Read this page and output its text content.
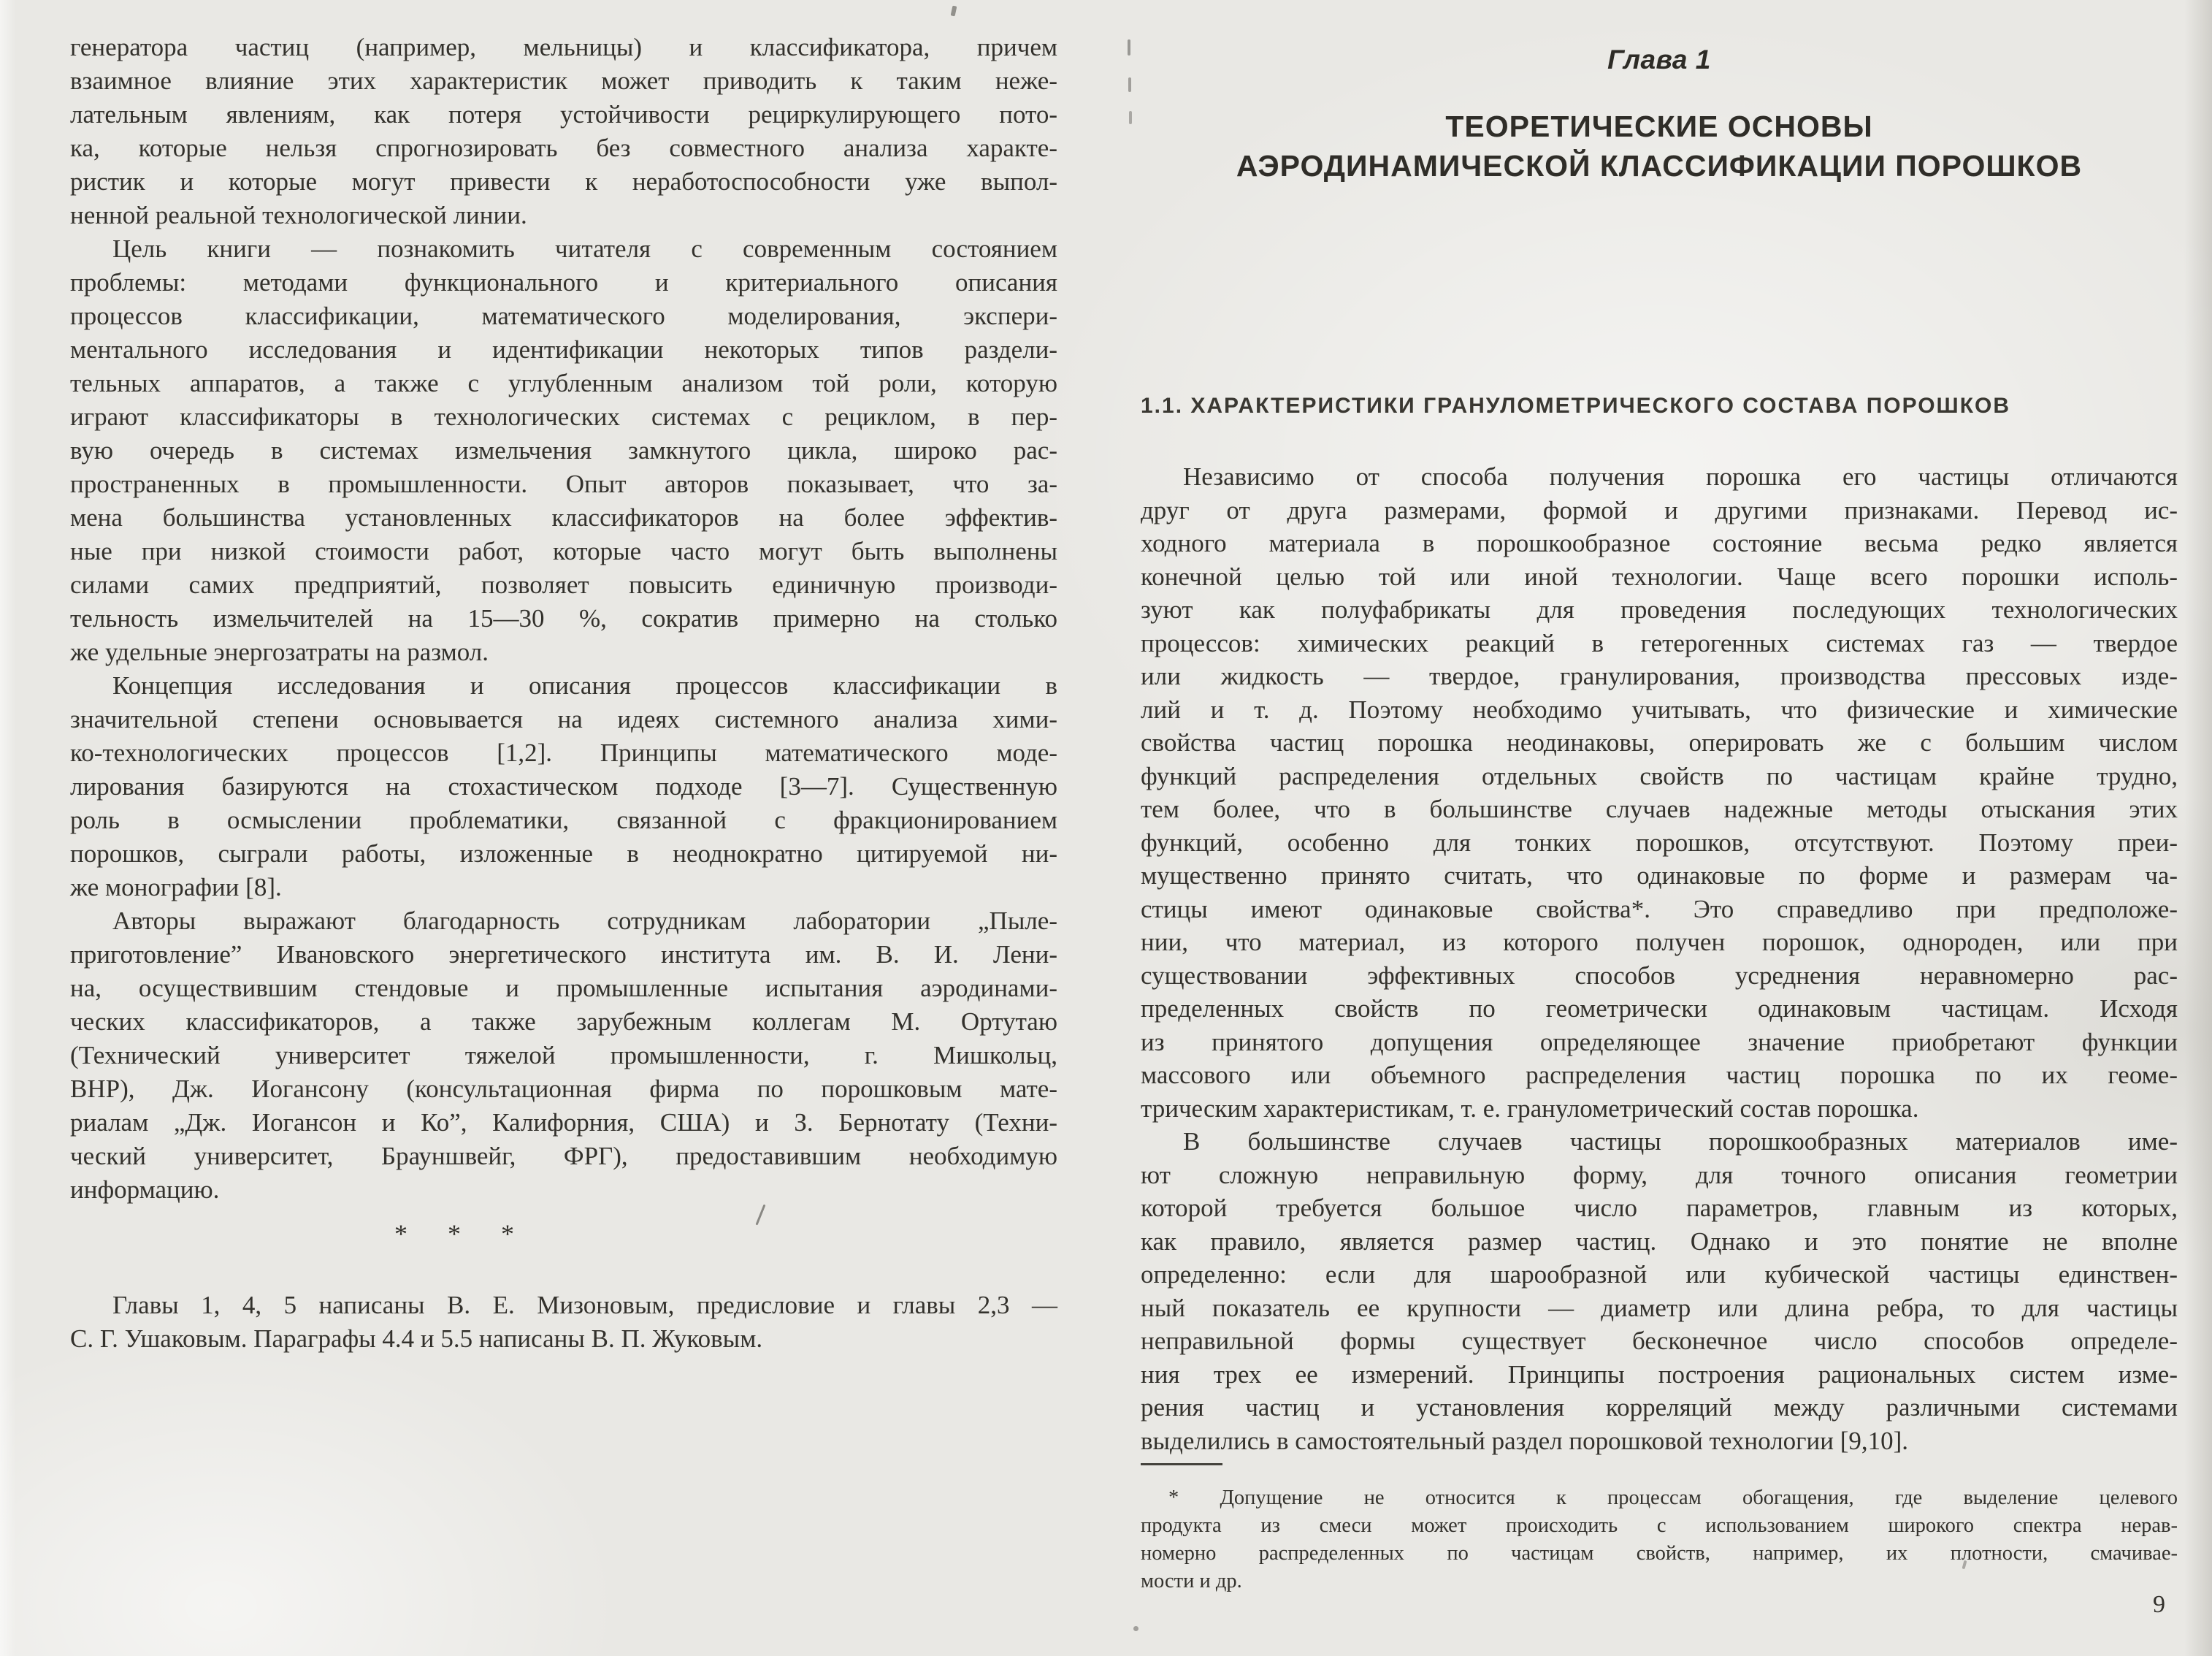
генератора частиц (например, мельницы) и классификатора, причем
взаимное влияние этих характеристик может приводить к таким неже-
лательным явлениям, как потеря устойчивости рециркулирующего пото-
ка, которые нельзя спрогнозировать без совместного анализа характе-
ристик и которые могут привести к неработоспособности уже выпол-
ненной реальной технологической линии.
Цель книги — познакомить читателя с современным состоянием
проблемы: методами функционального и критериального описания
процессов классификации, математического моделирования, экспери-
ментального исследования и идентификации некоторых типов раздели-
тельных аппаратов, а также с углубленным анализом той роли, которую
играют классификаторы в технологических системах с рециклом, в пер-
вую очередь в системах измельчения замкнутого цикла, широко рас-
пространенных в промышленности. Опыт авторов показывает, что за-
мена большинства установленных классификаторов на более эффектив-
ные при низкой стоимости работ, которые часто могут быть выполнены
силами самих предприятий, позволяет повысить единичную производи-
тельность измельчителей на 15—30 %, сократив примерно на столько
же удельные энергозатраты на размол.
Концепция исследования и описания процессов классификации в
значительной степени основывается на идеях системного анализа хими-
ко-технологических процессов [1,2]. Принципы математического моде-
лирования базируются на стохастическом подходе [3—7]. Существенную
роль в осмыслении проблематики, связанной с фракционированием
порошков, сыграли работы, изложенные в неоднократно цитируемой ни-
же монографии [8].
Авторы выражают благодарность сотрудникам лаборатории „Пыле-
приготовление” Ивановского энергетического института им. В. И. Лени-
на, осуществившим стендовые и промышленные испытания аэродинами-
ческих классификаторов, а также зарубежным коллегам М. Ортутаю
(Технический университет тяжелой промышленности, г. Мишкольц,
ВНР), Дж. Иогансону (консультационная фирма по порошковым мате-
риалам „Дж. Иогансон и Ко”, Калифорния, США) и З. Бернотату (Техни-
ческий университет, Брауншвейг, ФРГ), предоставившим необходимую
информацию.
* * *
Главы 1, 4, 5 написаны В. Е. Мизоновым, предисловие и главы 2,3 —
С. Г. Ушаковым. Параграфы 4.4 и 5.5 написаны В. П. Жуковым.
Глава 1
ТЕОРЕТИЧЕСКИЕ ОСНОВЫ
АЭРОДИНАМИЧЕСКОЙ КЛАССИФИКАЦИИ ПОРОШКОВ
1.1. ХАРАКТЕРИСТИКИ ГРАНУЛОМЕТРИЧЕСКОГО СОСТАВА ПОРОШКОВ
Независимо от способа получения порошка его частицы отличаются
друг от друга размерами, формой и другими признаками. Перевод ис-
ходного материала в порошкообразное состояние весьма редко является
конечной целью той или иной технологии. Чаще всего порошки исполь-
зуют как полуфабрикаты для проведения последующих технологических
процессов: химических реакций в гетерогенных системах газ — твердое
или жидкость — твердое, гранулирования, производства прессовых изде-
лий и т. д. Поэтому необходимо учитывать, что физические и химические
свойства частиц порошка неодинаковы, оперировать же с большим числом
функций распределения отдельных свойств по частицам крайне трудно,
тем более, что в большинстве случаев надежные методы отыскания этих
функций, особенно для тонких порошков, отсутствуют. Поэтому преи-
мущественно принято считать, что одинаковые по форме и размерам ча-
стицы имеют одинаковые свойства*. Это справедливо при предположе-
нии, что материал, из которого получен порошок, однороден, или при
существовании эффективных способов усреднения неравномерно рас-
пределенных свойств по геометрически одинаковым частицам. Исходя
из принятого допущения определяющее значение приобретают функции
массового или объемного распределения частиц порошка по их геоме-
трическим характеристикам, т. е. гранулометрический состав порошка.
В большинстве случаев частицы порошкообразных материалов име-
ют сложную неправильную форму, для точного описания геометрии
которой требуется большое число параметров, главным из которых,
как правило, является размер частиц. Однако и это понятие не вполне
определенно: если для шарообразной или кубической частицы единствен-
ный показатель ее крупности — диаметр или длина ребра, то для частицы
неправильной формы существует бесконечное число способов определе-
ния трех ее измерений. Принципы построения рациональных систем изме-
рения частиц и установления корреляций между различными системами
выделились в самостоятельный раздел порошковой технологии [9,10].
* Допущение не относится к процессам обогащения, где выделение целевого
продукта из смеси может происходить с использованием широкого спектра нерав-
номерно распределенных по частицам свойств, например, их плотности, смачивае-
мости и др.
9
